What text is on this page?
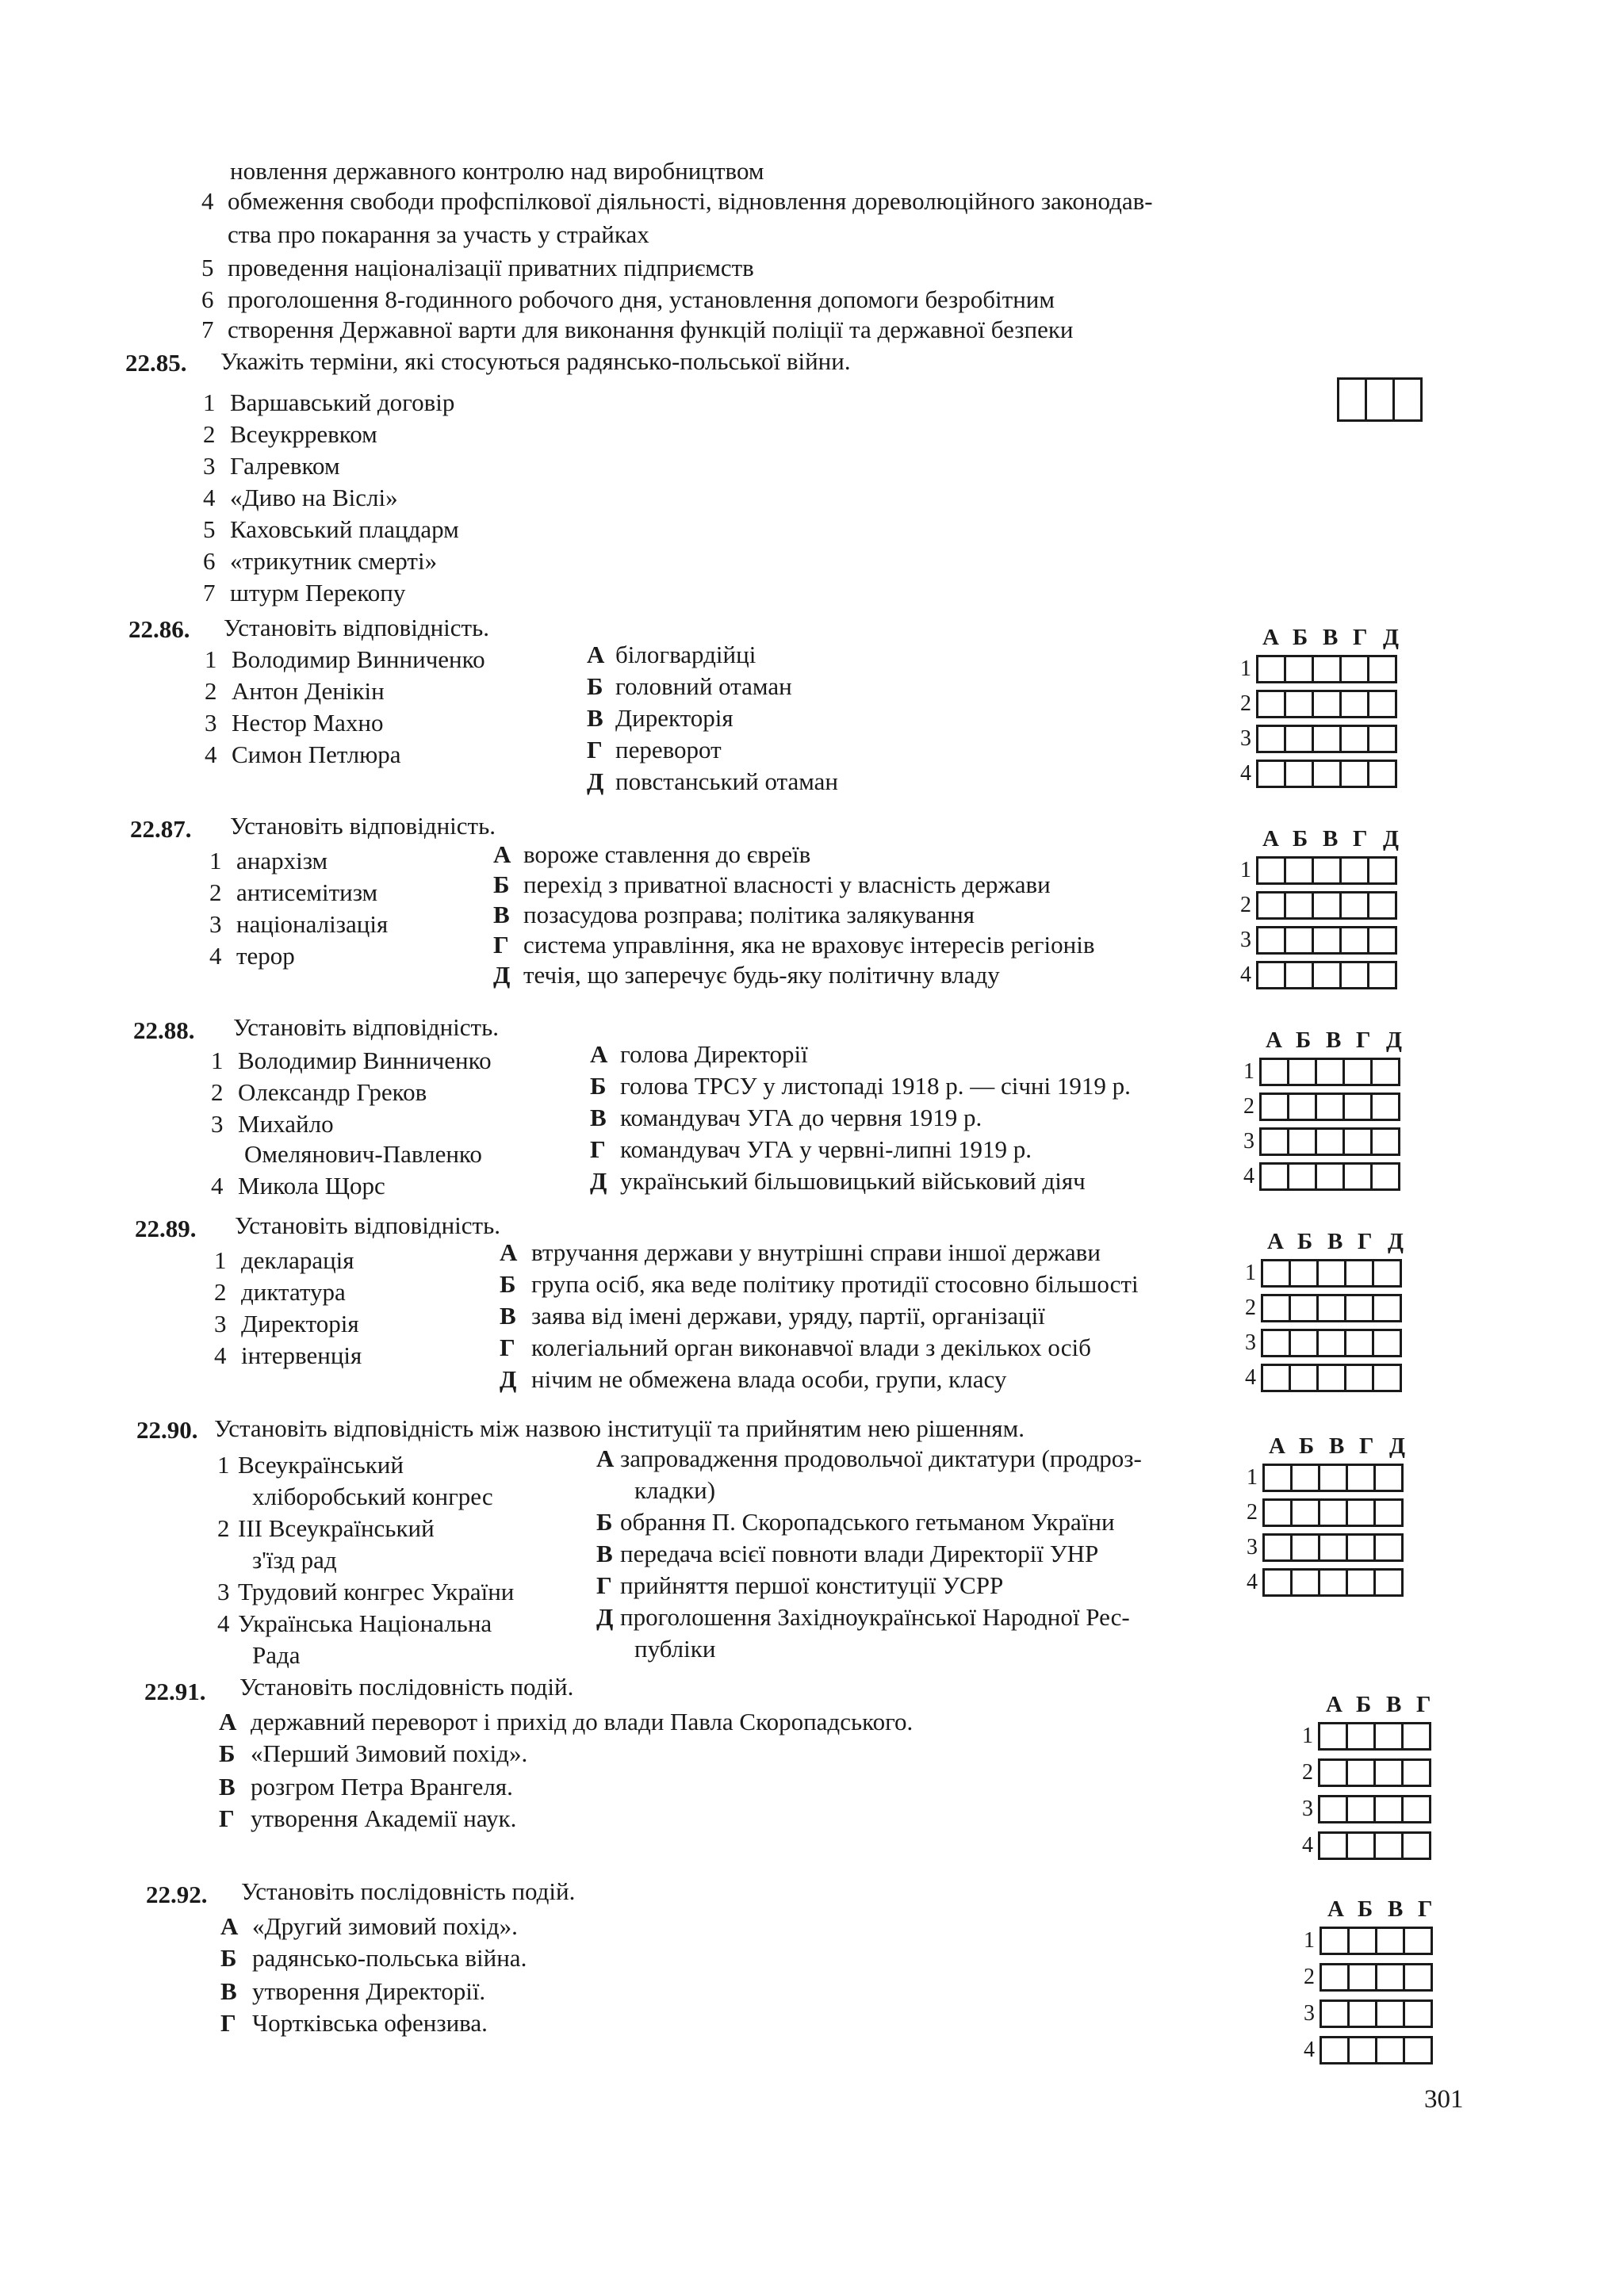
новлення державного контролю над виробництвом
4 обмеження свободи профспілкової діяльності, відновлення дореволюційного законодав-
ства про покарання за участь у страйках
5 проведення націоналізації приватних підприємств
6 проголошення 8-годинного робочого дня, установлення допомоги безробітним
7 створення Державної варти для виконання функцій поліції та державної безпеки
22.85. Укажіть терміни, які стосуються радянсько-польської війни.
1 Варшавський договір
2 Всеукрревком
3 Галревком
4 «Диво на Віслі»
5 Каховський плацдарм
6 «трикутник смерті»
7 штурм Перекопу
22.86. Установіть відповідність.
1 Володимир Винниченко
2 Антон Денікін
3 Нестор Махно
4 Симон Петлюра
А білогвардійці
Б головний отаман
В Директорія
Г переворот
Д повстанський отаман
А Б В Г Д
1
2
3
4
22.87. Установіть відповідність.
1 анархізм
2 антисемітизм
3 націоналізація
4 терор
А вороже ставлення до євреїв
Б перехід з приватної власності у власність держави
В позасудова розправа; політика залякування
Г система управління, яка не враховує інтересів регіонів
Д течія, що заперечує будь-яку політичну владу
А Б В Г Д
1
2
3
4
22.88. Установіть відповідність.
1 Володимир Винниченко
2 Олександр Греков
3 Михайло
Омелянович-Павленко
4 Микола Щорс
А голова Директорії
Б голова ТРСУ у листопаді 1918 р. — січні 1919 р.
В командувач УГА до червня 1919 р.
Г командувач УГА у червні-липні 1919 р.
Д український більшовицький військовий діяч
А Б В Г Д
1
2
3
4
22.89. Установіть відповідність.
1 декларація
2 диктатура
3 Директорія
4 інтервенція
А втручання держави у внутрішні справи іншої держави
Б група осіб, яка веде політику протидії стосовно більшості
В заява від імені держави, уряду, партії, організації
Г колегіальний орган виконавчої влади з декількох осіб
Д нічим не обмежена влада особи, групи, класу
А Б В Г Д
1
2
3
4
22.90. Установіть відповідність між назвою інституції та прийнятим нею рішенням.
1 Всеукраїнський
хліборобський конгрес
2 ІІІ Всеукраїнський
з'їзд рад
3 Трудовий конгрес України
4 Українська Національна
Рада
А запровадження продовольчої диктатури (продроз-
кладки)
Б обрання П. Скоропадського гетьманом України
В передача всієї повноти влади Директорії УНР
Г прийняття першої конституції УСРР
Д проголошення Західноукраїнської Народної Рес-
публіки
А Б В Г Д
1
2
3
4
22.91. Установіть послідовність подій.
А державний переворот і прихід до влади Павла Скоропадського.
Б «Перший Зимовий похід».
В розгром Петра Врангеля.
Г утворення Академії наук.
А Б В Г
1
2
3
4
22.92. Установіть послідовність подій.
А «Другий зимовий похід».
Б радянсько-польська війна.
В утворення Директорії.
Г Чортківська офензива.
А Б В Г
1
2
3
4
301
